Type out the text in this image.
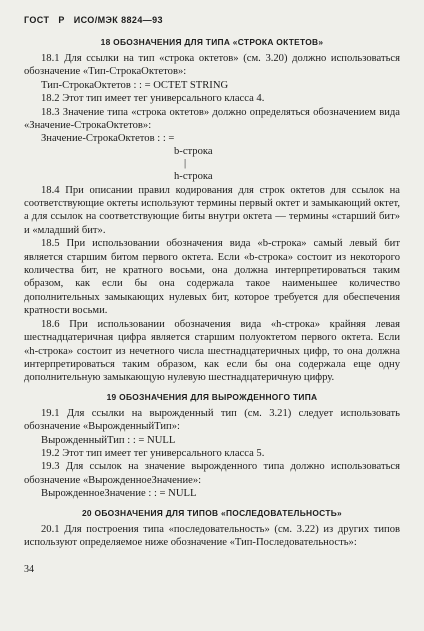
ГОСТ Р ИСО/МЭК 8824—93
18 ОБОЗНАЧЕНИЯ ДЛЯ ТИПА «СТРОКА ОКТЕТОВ»

18.1 Для ссылки на тип «строка октетов» (см. 3.20) должно использоваться обозначение «Тип-СтрокаОктетов»:

Тип-СтрокаОктетов : : = OCTET STRING

18.2 Этот тип имеет тег универсального класса 4.

18.3 Значение типа «строка октетов» должно определяться обозначением вида «Значение-СтрокаОктетов»:

Значение-СтрокаОктетов : : =
b-строка
|
h-строка

18.4 При описании правил кодирования для строк октетов для ссылок на соответствующие октеты используют термины первый октет и замыкающий октет, а для ссылок на соответствующие биты внутри октета — термины «старший бит» и «младший бит».

18.5 При использовании обозначения вида «b-строка» самый левый бит является старшим битом первого октета. Если «b-строка» состоит из некоторого количества бит, не кратного восьми, она должна интерпретироваться таким образом, как если бы она содержала такое наименьшее количество дополнительных замыкающих нулевых бит, которое требуется для обеспечения кратности восьми.

18.6 При использовании обозначения вида «h-строка» крайняя левая шестнадцатеричная цифра является старшим полуоктетом первого октета. Если «h-строка» состоит из нечетного числа шестнадцатеричных цифр, то она должна интерпретироваться таким образом, как если бы она содержала еще одну дополнительную замыкающую нулевую шестнадцатеричную цифру.

19 ОБОЗНАЧЕНИЯ ДЛЯ ВЫРОЖДЕННОГО ТИПА

19.1 Для ссылки на вырожденный тип (см. 3.21) следует использовать обозначение «ВырожденныйТип»:

ВырожденныйТип : : = NULL

19.2 Этот тип имеет тег универсального класса 5.

19.3 Для ссылок на значение вырожденного типа должно использоваться обозначение «ВырожденноеЗначение»:

ВырожденноеЗначение : : = NULL
20 ОБОЗНАЧЕНИЯ ДЛЯ ТИПОВ «ПОСЛЕДОВАТЕЛЬНОСТЬ»

20.1 Для построения типа «последовательность» (см. 3.22) из других типов используют определяемое ниже обозначение «Тип-Последовательность»:

34
